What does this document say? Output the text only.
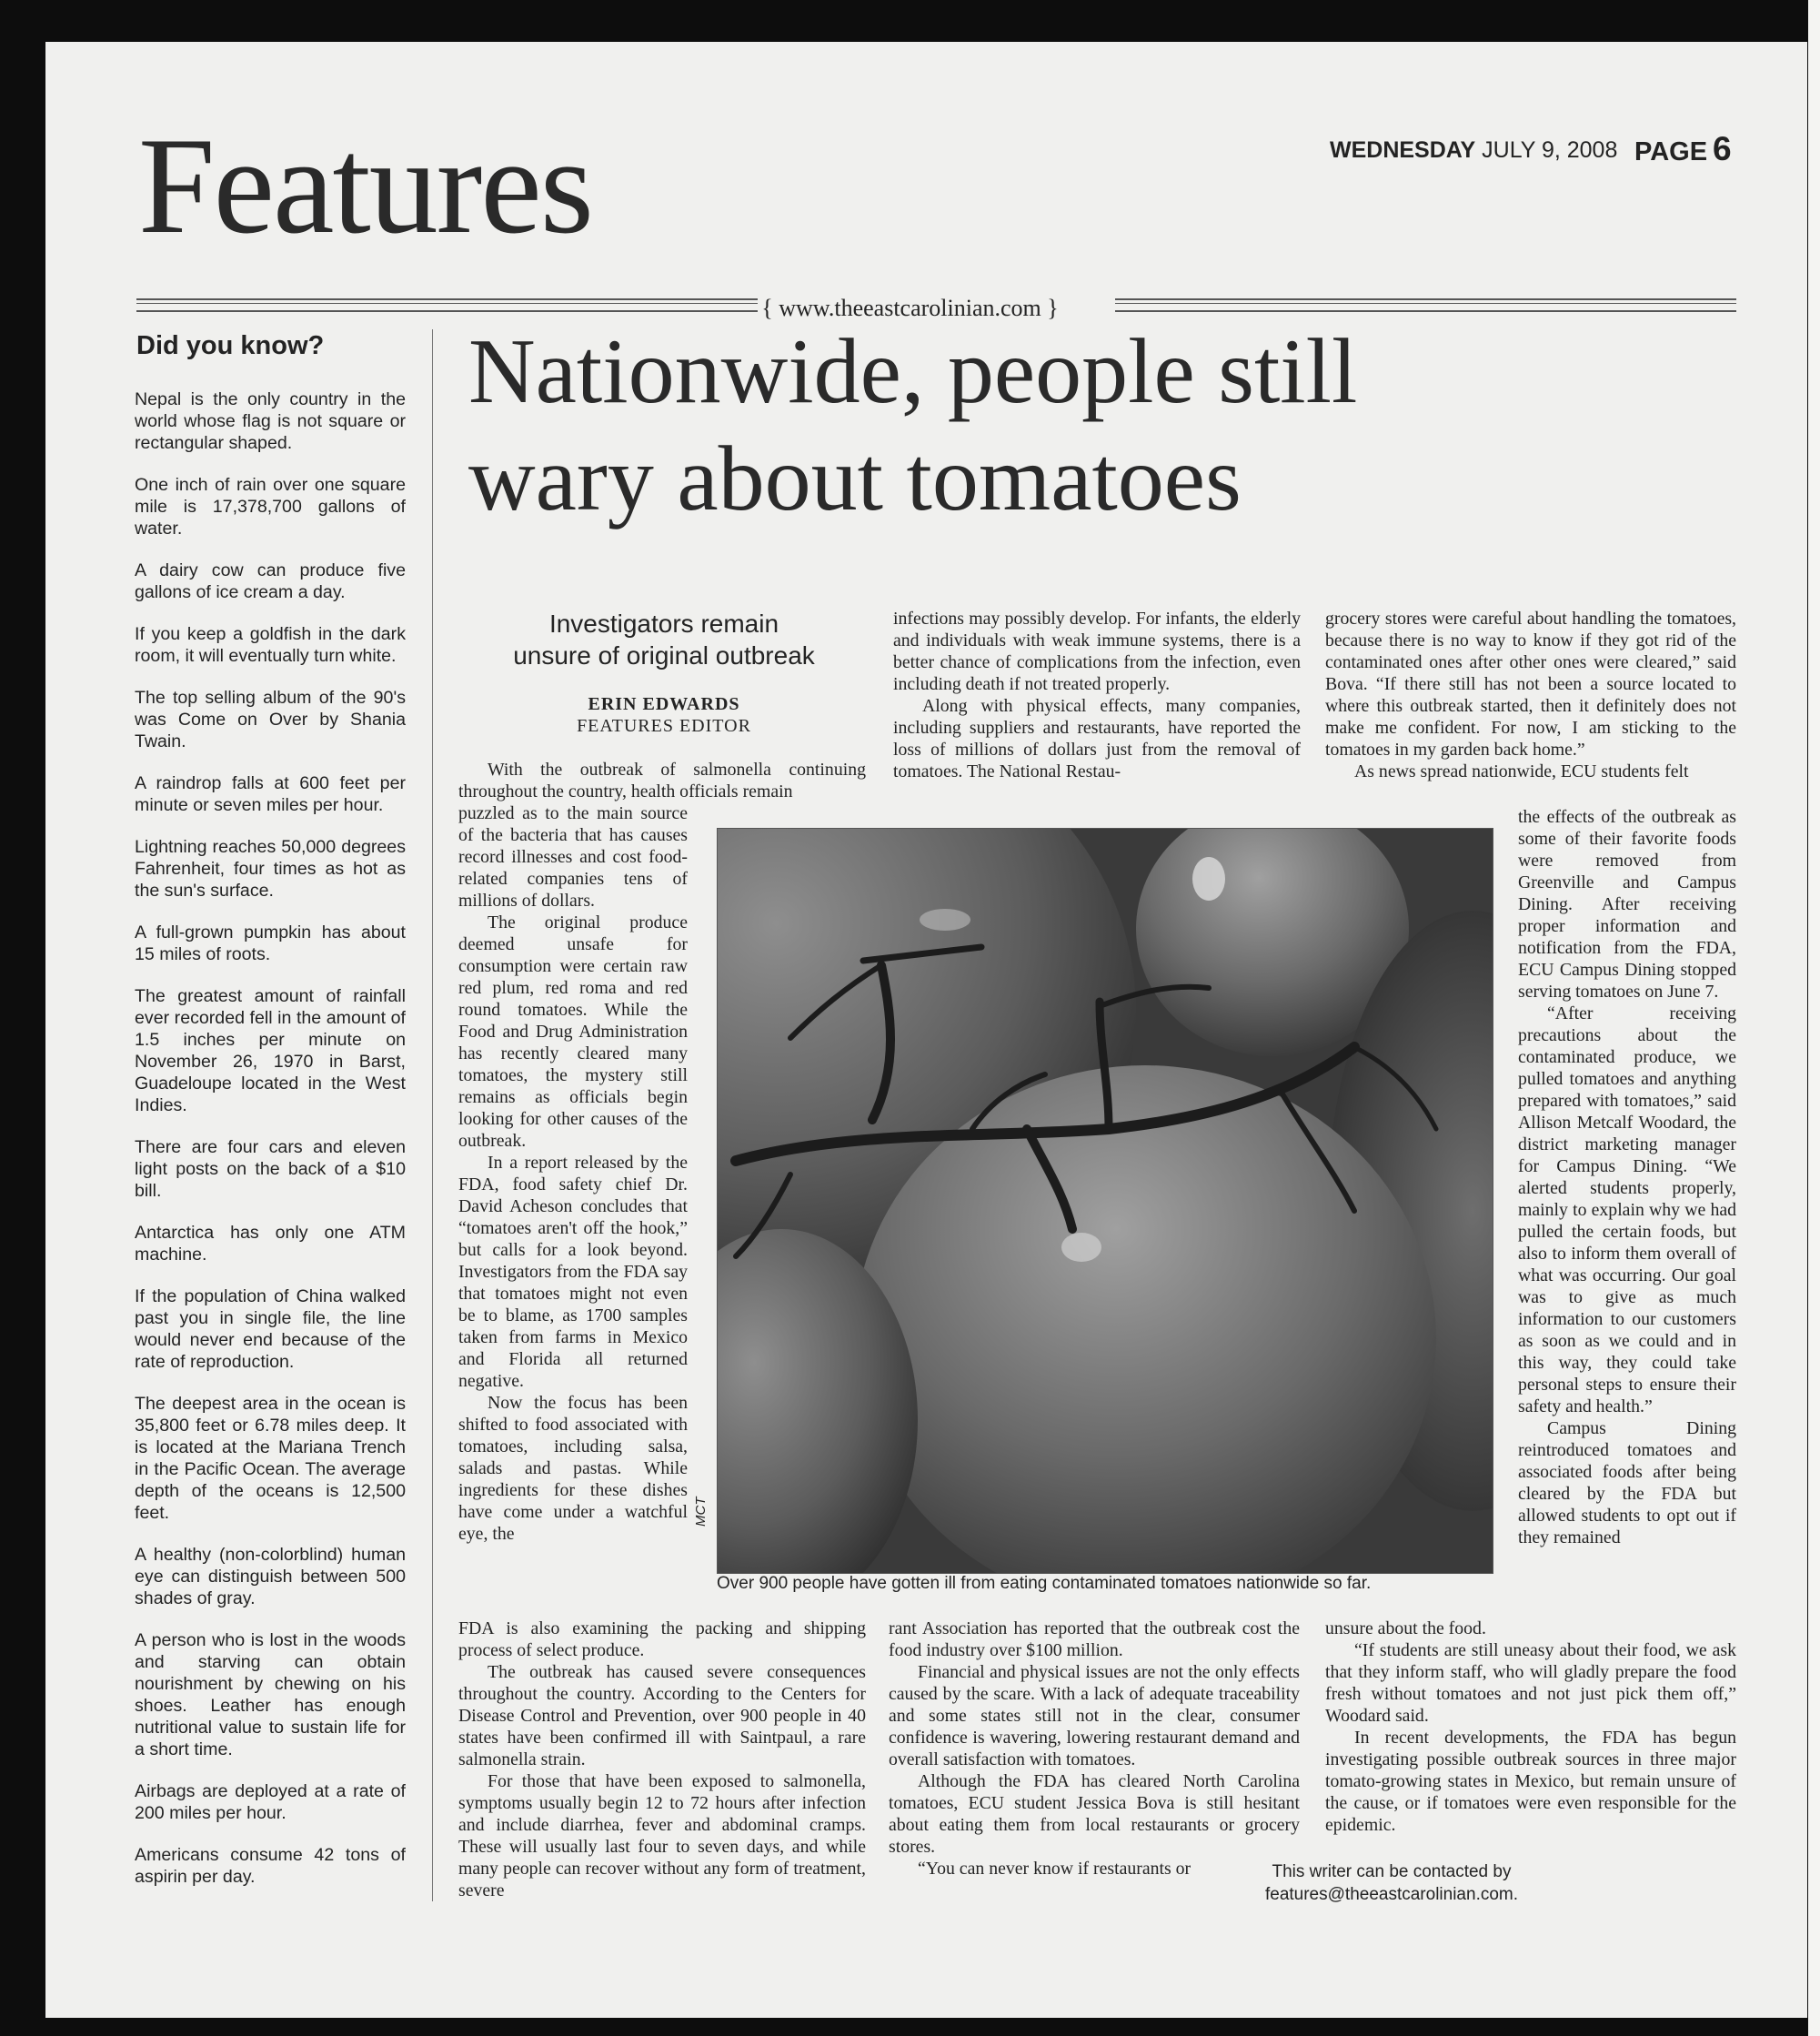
Features	WEDNESDAY JULY 9, 2008 PAGE 6
{ www.theeastcarolinian.com }
Did you know?
Nepal is the only country in the world whose flag is not square or rectangular shaped.
One inch of rain over one square mile is 17,378,700 gallons of water.
A dairy cow can produce five gallons of ice cream a day.
If you keep a goldfish in the dark room, it will eventually turn white.
The top selling album of the 90's was Come on Over by Shania Twain.
A raindrop falls at 600 feet per minute or seven miles per hour.
Lightning reaches 50,000 degrees Fahrenheit, four times as hot as the sun's surface.
A full-grown pumpkin has about 15 miles of roots.
The greatest amount of rainfall ever recorded fell in the amount of 1.5 inches per minute on November 26, 1970 in Barst, Guadeloupe located in the West Indies.
There are four cars and eleven light posts on the back of a $10 bill.
Antarctica has only one ATM machine.
If the population of China walked past you in single file, the line would never end because of the rate of reproduction.
The deepest area in the ocean is 35,800 feet or 6.78 miles deep. It is located at the Mariana Trench in the Pacific Ocean. The average depth of the oceans is 12,500 feet.
A healthy (non-colorblind) human eye can distinguish between 500 shades of gray.
A person who is lost in the woods and starving can obtain nourishment by chewing on his shoes. Leather has enough nutritional value to sustain life for a short time.
Airbags are deployed at a rate of 200 miles per hour.
Americans consume 42 tons of aspirin per day.
Nationwide, people still
wary about tomatoes
Investigators remain
unsure of original outbreak
ERIN EDWARDS
FEATURES EDITOR

With the outbreak of salmonella continuing throughout the country, health officials remain

puzzled as to the main source of the bacteria that has causes record illnesses and cost food-related companies tens of millions of dollars.

The original produce deemed unsafe for consumption were certain raw red plum, red roma and red round tomatoes. While the Food and Drug Administration has recently cleared many tomatoes, the mystery still remains as officials begin looking for other causes of the outbreak.

In a report released by the FDA, food safety chief Dr. David Acheson concludes that “tomatoes aren't off the hook,” but calls for a look beyond. Investigators from the FDA say that tomatoes might not even be to blame, as 1700 samples taken from farms in Mexico and Florida all returned negative.

Now the focus has been shifted to food associated with tomatoes, including salsa, salads and pastas. While ingredients for these dishes have come under a watchful eye, the

FDA is also examining the packing and shipping process of select produce.

The outbreak has caused severe consequences throughout the country. According to the Centers for Disease Control and Prevention, over 900 people in 40 states have been confirmed ill with Saintpaul, a rare salmonella strain.

For those that have been exposed to salmonella, symptoms usually begin 12 to 72 hours after infection and include diarrhea, fever and abdominal cramps. These will usually last four to seven days, and while many people can recover without any form of treatment, severe

infections may possibly develop. For infants, the elderly and individuals with weak immune systems, there is a better chance of complications from the infection, even including death if not treated properly.

Along with physical effects, many companies, including suppliers and restaurants, have reported the loss of millions of dollars just from the removal of tomatoes. The National Restau-

rant Association has reported that the outbreak cost the food industry over $100 million.

Financial and physical issues are not the only effects caused by the scare. With a lack of adequate traceability and some states still not in the clear, consumer confidence is wavering, lowering restaurant demand and overall satisfaction with tomatoes.

Although the FDA has cleared North Carolina tomatoes, ECU student Jessica Bova is still hesitant about eating them from local restaurants or grocery stores.

“You can never know if restaurants or

grocery stores were careful about handling the tomatoes, because there is no way to know if they got rid of the contaminated ones after other ones were cleared,” said Bova. “If there still has not been a source located to where this outbreak started, then it definitely does not make me confident. For now, I am sticking to the tomatoes in my garden back home.”

As news spread nationwide, ECU students felt

the effects of the outbreak as some of their favorite foods were removed from Greenville and Campus Dining. After receiving proper information and notification from the FDA, ECU Campus Dining stopped serving tomatoes on June 7.

“After receiving precautions about the contaminated produce, we pulled tomatoes and anything prepared with tomatoes,” said Allison Metcalf Woodard, the district marketing manager for Campus Dining. “We alerted students properly, mainly to explain why we had pulled the certain foods, but also to inform them overall of what was occurring. Our goal was to give as much information to our customers as soon as we could and in this way, they could take personal steps to ensure their safety and health.”

Campus Dining reintroduced tomatoes and associated foods after being cleared by the FDA but allowed students to opt out if they remained

unsure about the food.

“If students are still uneasy about their food, we ask that they inform staff, who will gladly prepare the food fresh without tomatoes and not just pick them off,” Woodard said.

In recent developments, the FDA has begun investigating possible outbreak sources in three major tomato-growing states in Mexico, but remain unsure of the cause, or if tomatoes were even responsible for the epidemic.

MCT
Over 900 people have gotten ill from eating contaminated tomatoes nationwide so far.
This writer can be contacted by
features@theeastcarolinian.com.
